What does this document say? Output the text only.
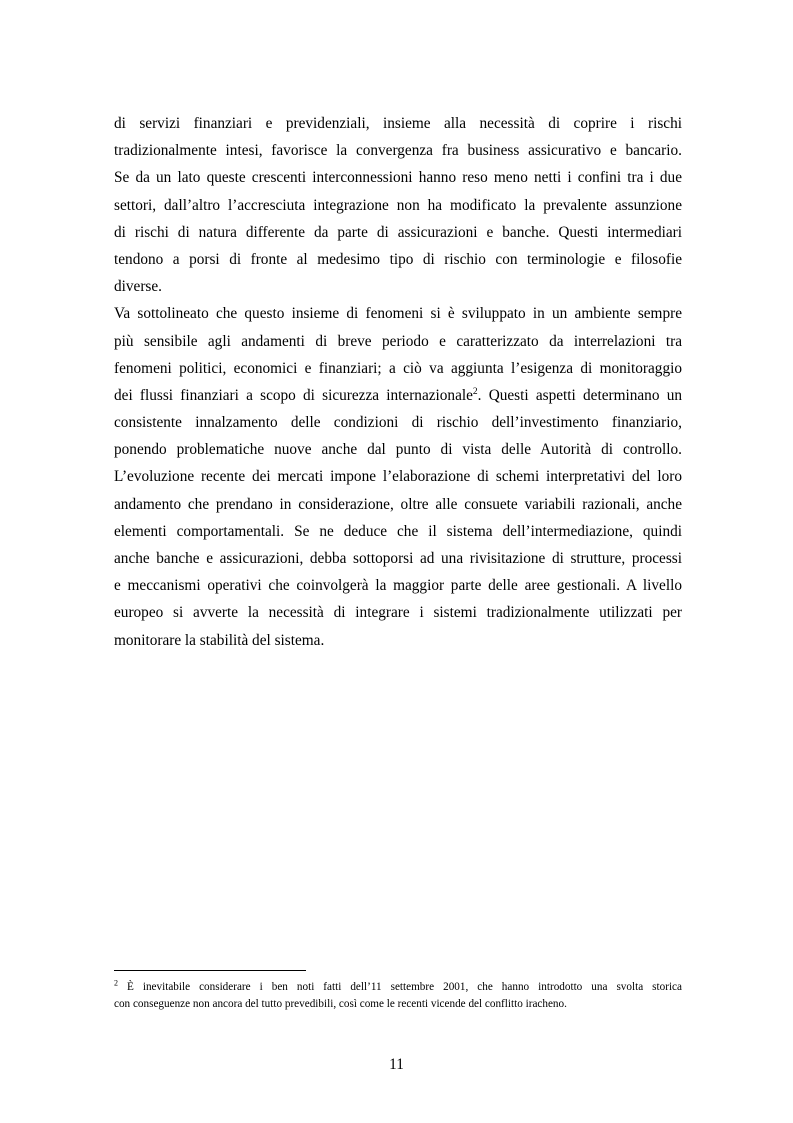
di servizi finanziari e previdenziali, insieme alla necessità di coprire i rischi
tradizionalmente intesi, favorisce la convergenza fra business assicurativo e bancario.
Se da un lato queste crescenti interconnessioni hanno reso meno netti i confini tra i due
settori, dall’altro l’accresciuta integrazione non ha modificato la prevalente assunzione
di rischi di natura differente da parte di assicurazioni e banche. Questi intermediari
tendono a porsi di fronte al medesimo tipo di rischio con terminologie e filosofie
diverse.

Va sottolineato che questo insieme di fenomeni si è sviluppato in un ambiente sempre
più sensibile agli andamenti di breve periodo e caratterizzato da interrelazioni tra
fenomeni politici, economici e finanziari; a ciò va aggiunta l’esigenza di monitoraggio
dei flussi finanziari a scopo di sicurezza internazionale$^2$. Questi aspetti determinano un
consistente innalzamento delle condizioni di rischio dell’investimento finanziario,
ponendo problematiche nuove anche dal punto di vista delle Autorità di controllo.
L’evoluzione recente dei mercati impone l’elaborazione di schemi interpretativi del loro
andamento che prendano in considerazione, oltre alle consuete variabili razionali, anche
elementi comportamentali. Se ne deduce che il sistema dell’intermediazione, quindi
anche banche e assicurazioni, debba sottoporsi ad una rivisitazione di strutture, processi
e meccanismi operativi che coinvolgerà la maggior parte delle aree gestionali. A livello
europeo si avverte la necessità di integrare i sistemi tradizionalmente utilizzati per
monitorare la stabilità del sistema.

$^2$ È inevitabile considerare i ben noti fatti dell’11 settembre 2001, che hanno introdotto una svolta storica
con conseguenze non ancora del tutto prevedibili, così come le recenti vicende del conflitto iracheno.
11
